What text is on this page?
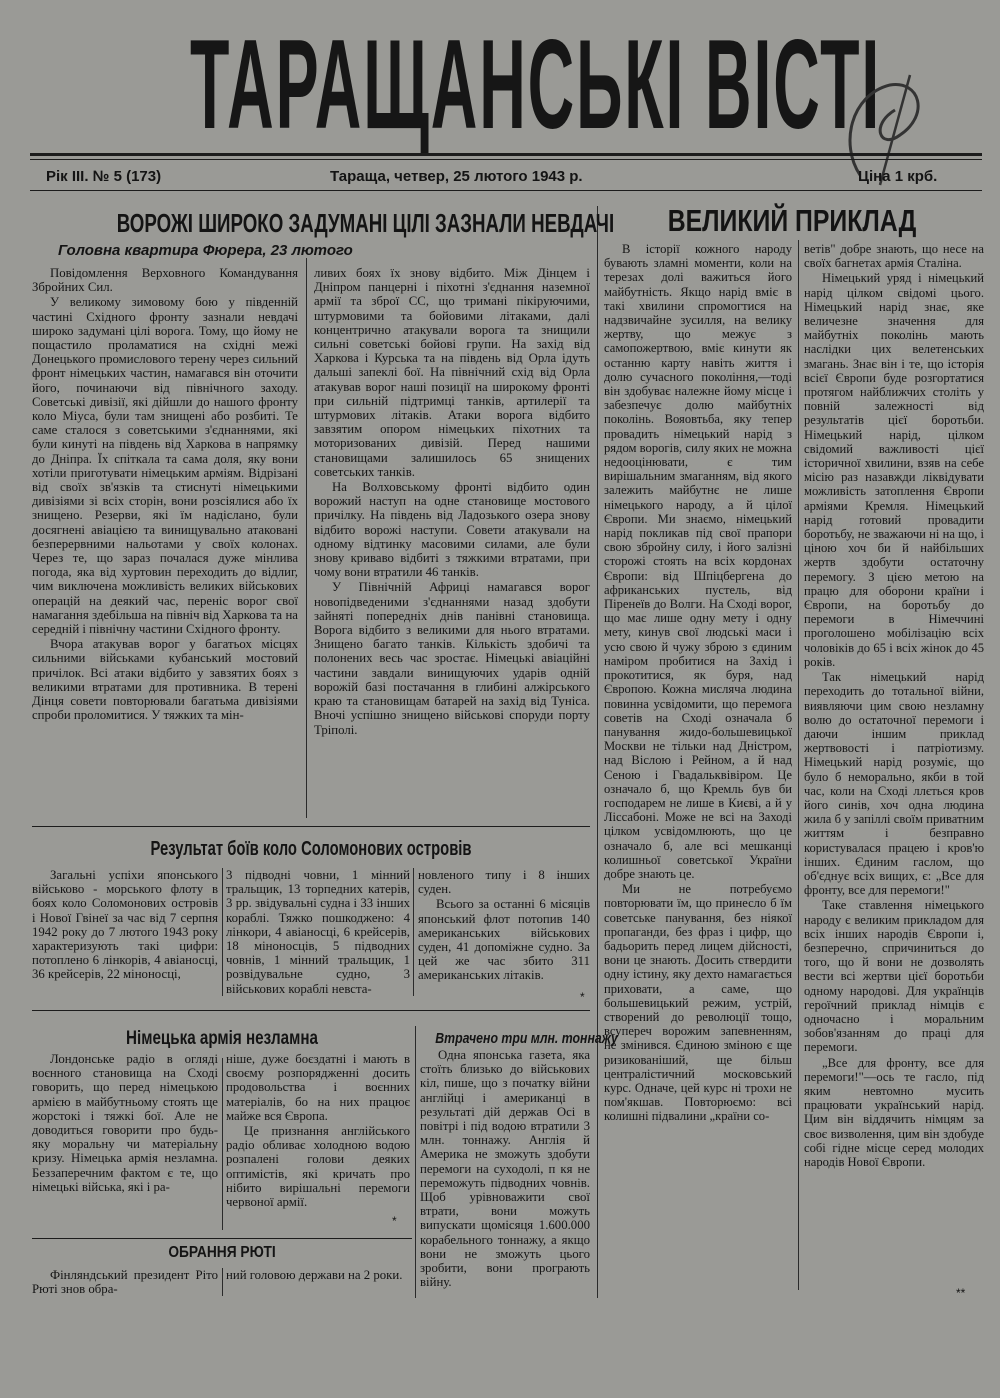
ТАРАЩАНСЬКІ ВІСТІ
Рік III. № 5 (173)	Тараща, четвер, 25 лютого 1943 р.	Ціна 1 крб.
ВОРОЖІ ШИРОКО ЗАДУМАНІ ЦІЛІ ЗАЗНАЛИ НЕВДАЧІ
Головна квартира Фюрера, 23 лютого

Повідомлення Верховного Командування Збройних Сил.

У великому зимовому бою у південній частині Східного фронту зазнали невдачі широко задумані цілі ворога. Тому, що йому не пощастило проламатися на східні межі Донецького промислового терену через сильний фронт німецьких частин, намагався він оточити його, починаючи від північного заходу. Советські дивізії, які дійшли до нашого фронту коло Міуса, були там знищені або розбиті. Те саме сталося з советськими з'єднаннями, які були кинуті на південь від Харкова в напрямку до Дніпра. Їх спіткала та сама доля, яку вони хотіли приготувати німецьким арміям. Відрізані від своїх зв'язків та стиснуті німецькими дивізіями зі всіх сторін, вони розсіялися або їх знищено. Резерви, які їм надіслано, були досягнені авіацією та винищувально атаковані безперервними нальотами у своїх колонах. Через те, що зараз почалася дуже мінлива погода, яка від хуртовин переходить до відлиг, чим виключена можливість великих військових операцій на деякий час, переніс ворог свої намагання здебільша на північ від Харкова та на середній і північну частини Східного фронту.

Вчора атакував ворог у багатьох місцях сильними військами кубанський мостовий причілок. Всі атаки відбито у завзятих боях з великими втратами для противника. В терені Дінця совети повторювали багатьма дивізіями спроби проломитися. У тяжких та мін-

ливих боях їх знову відбито. Між Дінцем і Дніпром панцерні і піхотні з'єднання наземної армії та зброї СС, що тримані пікіруючими, штурмовими та бойовими літаками, далі концентрично атакували ворога та знищили сильні советські бойові групи. На захід від Харкова і Курська та на південь від Орла ідуть дальші запеклі бої. На північний схід від Орла атакував ворог наші позиції на широкому фронті при сильній підтримці танків, артилерії та штурмових літаків. Атаки ворога відбито завзятим опором німецьких піхотних та моторизованих дивізій. Перед нашими становищами залишилось 65 знищених советських танків.

На Волховському фронті відбито один ворожий наступ на одне становище мостового причілку. На південь від Ладозького озера знову відбито ворожі наступи. Совети атакували на одному відтинку масовими силами, але були знову криваво відбиті з тяжкими втратами, при чому вони втратили 46 танків.

У Північній Африці намагався ворог новопідведеними з'єднаннями назад здобути зайняті попередніх днів панівні становища. Ворога відбито з великими для нього втратами. Знищено багато танків. Кількість здобичі та полонених весь час зростає. Німецькі авіаційні частини завдали винищуючих ударів одній ворожій базі постачання в глибині алжірського краю та становищам батарей на захід від Туніса. Вночі успішно знищено військові споруди порту Тріполі.

Результат боїв коло Соломонових островів

Загальні успіхи японського військово - морського флоту в боях коло Соломонових островів і Нової Гвінеї за час від 7 серпня 1942 року до 7 лютого 1943 року характеризують такі цифри: потоплено 6 лінкорів, 4 авіаносці, 36 крейсерів, 22 міноносці,

3 підводні човни, 1 мінний тральщик, 13 торпедних катерів, 3 рр. звідувальні судна і 33 інших кораблі. Тяжко пошкоджено: 4 лінкори, 4 авіаносці, 6 крейсерів, 18 міноносців, 5 підводних човнів, 1 мінний тральщик, 1 розвідувальне судно, 3 військових кораблі невста-

новленого типу і 8 інших суден.

Всього за останні 6 місяців японський флот потопив 140 американських військових суден, 41 допоміжне судно. За цей же час збито 311 американських літаків.

*
Німецька армія незламна

Лондонське радіо в огляді воєнного становища на Сході говорить, що перед німецькою армією в майбутньому стоять ще жорстокі і тяжкі бої. Але не доводиться говорити про будь-яку моральну чи матеріальну кризу. Німецька армія незламна. Беззаперечним фактом є те, що німецькі війська, які і ра-

ніше, дуже боєздатні і мають в своєму розпорядженні досить продовольства і воєнних матеріалів, бо на них працює майже вся Європа.

Це признання англійського радіо обливає холодною водою розпалені голови деяких оптимістів, які кричать про нібито вирішальні перемоги червоної армії.

*
Втрачено три млн. тоннажу

Одна японська газета, яка стоїть близько до військових кіл, пише, що з початку війни англійці і американці в результаті дій держав Осі в повітрі і під водою втратили 3 млн. тоннажу. Англія й Америка не зможуть здобути перемоги на суходолі, п кя не переможуть підводних човнів. Щоб урівноважити свої втрати, вони можуть випускати щомісяця 1.600.000 корабельного тоннажу, а якщо вони не зможуть цього зробити, вони програють війну.

ОБРАННЯ РЮТІ

Фінляндський президент Ріто Рюті знов обра-

ний головою держави на 2 роки.

ВЕЛИКИЙ ПРИКЛАД

В історії кожного народу бувають зламні моменти, коли на терезах долі важиться його майбутність. Якщо нарід вміє в такі хвилини спромогтися на надзвичайне зусилля, на велику жертву, що межує з самопожертвою, вміє кинути як останню карту навіть життя і долю сучасного покоління,—тоді він здобуває належне йому місце і забезпечує долю майбутніх поколінь. Вояовтьба, яку тепер провадить німецький нарід з рядом ворогів, силу яких не можна недооцінювати, є тим вирішальним змаганням, від якого залежить майбутнє не лише німецького народу, а й цілої Європи. Ми знаємо, німецький нарід покликав під свої прапори свою збройну силу, і його залізні сторожі стоять на всіх кордонах Європи: від Шпіцбергена до африканських пустель, від Піренеїв до Волги. На Сході ворог, що має лише одну мету і одну мету, кинув свої людські маси і усю свою й чужу зброю з єдиним наміром пробитися на Захід і прокотитися, як буря, над Європою. Кожна мисляча людина повинна усвідомити, що перемога советів на Сході означала б панування жидо-большевицької Москви не тільки над Дністром, над Віслою і Рейном, а й над Сеною і Гвадальквівіром. Це означало б, що Кремль був би господарем не лише в Києві, а й у Ліссабоні. Може не всі на Заході цілком усвідомлюють, що це означало б, але всі мешканці колишньої советської України добре знають це.

Ми не потребуємо повторювати їм, що принесло б їм советське панування, без ніякої пропаганди, без фраз і цифр, що бадьорить перед лицем дійсності, вони це знають. Досить ствердити одну істину, яку дехто намагається приховати, а саме, що большевицький режим, устрій, створений до революції тощо, всупереч ворожим запевненням, не змінився. Єдиною зміною є ще ризикованіший, ще більш централістичний московський курс. Одначе, цей курс ні трохи не пом'якшав. Повторюємо: всі колишні підвалини „країни со-

ветів" добре знають, що несе на своїх багнетах армія Сталіна.

Німецький уряд і німецький нарід цілком свідомі цього. Німецький нарід знає, яке величезне значення для майбутніх поколінь мають наслідки цих велетенських змагань. Знає він і те, що історія всієї Європи буде розгортатися протягом найближчих століть у повній залежності від результатів цієї боротьби. Німецький нарід, цілком свідомий важливості цієї історичної хвилини, взяв на себе місію раз назавжди ліквідувати можливість затоплення Європи арміями Кремля. Німецький нарід готовий провадити боротьбу, не зважаючи ні на що, і ціною хоч би й найбільших жертв здобути остаточну перемогу. З цією метою на працю для оборони країни і Європи, на боротьбу до перемоги в Німеччині проголошено мобілізацію всіх чоловіків до 65 і всіх жінок до 45 років.

Так німецький нарід переходить до тотальної війни, виявляючи цим свою незламну волю до остаточної перемоги і даючи іншим приклад жертвовості і патріотизму. Німецький нарід розуміє, що було б неморально, якби в той час, коли на Сході ллється кров його синів, хоч одна людина жила б у запіллі своїм приватним життям і безправно користувалася працею і кров'ю інших. Єдиним гаслом, що об'єднує всіх вищих, є: „Все для фронту, все для перемоги!"

Таке ставлення німецького народу є великим прикладом для всіх інших народів Європи і, безперечно, спричиниться до того, що й вони не дозволять вести всі жертви цієї боротьби одному народові. Для українців героїчний приклад німців є одночасно і моральним зобов'язанням до праці для перемоги.

„Все для фронту, все для перемоги!"—ось те гасло, під яким невтомно мусить працювати український нарід. Цим він віддячить німцям за своє визволення, цим він здобуде собі гідне місце серед молодих народів Нової Європи.

**
